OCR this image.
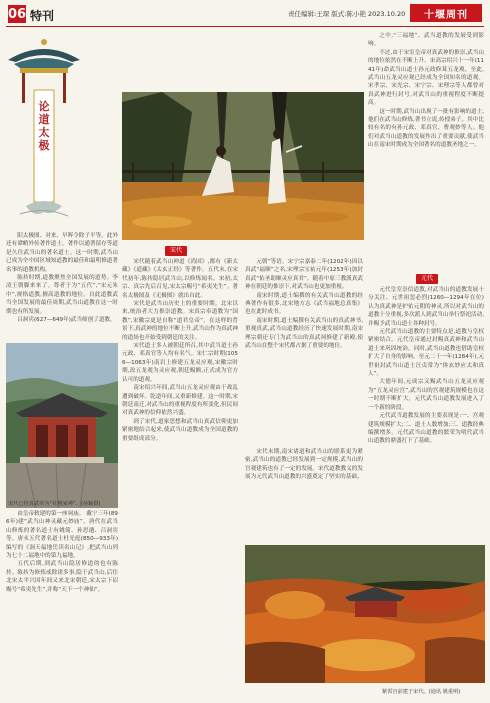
06 特刊	责任编辑:王琛 版式:陈小艳 2023.10.20	十堰周刊
论
道
太
极

阳太极图、对来、早晖令除子平等。此外还有谭峭外传著作道士。著作以通著留存等道是久住武当山的著名道士。这一时期,武当山已成为全中国区域知道教的最佳和最明修道著名事的道教机构。

陈抟时期,道教聚焦全国发展的道势。李凌王朝脚来来了。尊者于为“五代”,“宋元朱中”,规格道教,擅高道教的地位。自此道教武当全国发展的最佳周期,武当山道教在这一时期也有所发展。

吕洞宾(627—649年)武当师创了道教。

宋代已经真武奉为“社稷家神”。(孙颖摄)

由皇帝敕建的第一座祠庙。 戴宁三年(896年)建“武当山神灵藏元妙庙”。唐代在武当山修炼的著名道士有姚简、孙思邈、吕洞宾等。唐末五代著名道士杜光庭(850—933年)编写的《洞天福地岳渎名山记》,把武当山列为七十二福地中的第九福地。

五代后期,到武当山隐居修道的也有陈抟。陈抟为修炼戒除诸多事,隐于武当山,后往北宋太平兴国年间又来北宋朝廷,宋太宗下诏赐号“希夷先生”,并称“天下一个神仙”。

宋代

宋代随着武当山神道《尚国》,都有《新太藏》《道藏》《太玄正经》等著作。五代末,在宋代初年,陈抟隐居武当山,以修炼闻名。宋初,太宗、真宗先后召见,宋太宗赐号“希夷先生”。著名太极图及《无极图》就出自此。

宋代是武当山历史上的重要时期。北宋以来,统治者大力推崇道教。宋真宗奉道教为“国教”,宋徽宗更是自称“道君皇帝”。在这样的背景下,真武神的地位不断上升,武当山作为真武神的道场也开始受到朝廷的关注。

宋代道士多人被朝廷所召,其中武当道士孙元政、邓真官等人均有名气。宋仁宗时期(1056—1063年)南岩上修建五龙灵应观,宋徽宗时期,改五龙观为灵应观,朝廷赐额,正式成为官方认可的道观。

南宋绍兴年间,武当山五龙灵应观由于战乱遭到破坏。乾道年间,又重新修建。这一时期,宋朝廷南迁,对武当山的重视程度有所变化,但民间对真武神的信仰依然兴盛。

到了宋代,道家思想和武当山真武信仰更加紧密地结合起来,使武当山道教成为全国道教的重要组成部分。

元朝”等语。宋宁宗嘉泰二年(1202年)因以真武“福顺”之名,宋理宗宝祐元年(1253年)加封真武“佑圣助顺灵应真君”。随着中原三教派真武神在朝廷的推崇下,对武当山也更加重视。

南宋时期,道士编撰的有关武当山道教的经典著作有很多,北宋地方志《武当福地总真集》也在此时成书。

南宋时期,道士编撰有关武当山的真武神书,重视真武,武当山道教经历了快速发展时期,南宋理宗朝还专门为武当山的真武祠修建了新殿,使武当山在整个宋代都占据了重要的地位。

宋代末期,南宋诸道和武当山的联系更为紧密,武当山的道教已经发展到一定规模,武当山的宫观建筑也有了一定的发展。宋代道教教义的发展为元代武当山道教的兴盛奠定了坚实的基础。

之中,“三福地”。武当道教的发展受到影响。

不过,由于宋室皇帝对真武神的推崇,武当山的地位依然在不断上升。宋高宗绍兴十一年(1141年)命武当山道士孙元政修葺五龙观。至此,武当山五龙灵应观已经成为全国知名的道观。宋孝宗、宋光宗、宋宁宗、宋理宗等人都曾对真武神进行封号,对武当山的重视程度不断提高。

这一时期,武当山出现了一批有影响的道士,他们在武当山修炼,著书立说,传授弟子。其中比较有名的有孙元政、邓真官、曹观妙等人。他们对武当山道教的发展作出了重要贡献,使武当山在南宋时期成为全国著名的道教圣地之一。

元代

元代皇室崇信道教,对武当山的道教发展十分关注。元世祖忽必烈(1260—1294年在位)认为真武神是护佑元朝的神灵,所以对武当山的道教十分重视,多次派人到武当山举行祭祀活动,并赐予武当山道士各种封号。

元代武当山道教的主要特点是,道教与皇权紧密结合。元代皇帝通过封赐真武神和武当山道士来巩固统治。同时,武当山道教也借助皇权扩大了自身的影响。至元二十一年(1284年),元世祖封武当山道士汪贞常为“体玄妙应太和真人”。

大德年间,元成宗又赐武当山五龙灵应观为“五龙灵应宫”,武当山的宫观建筑规模也在这一时期不断扩大。元代武当山道教发展进入了一个新的阶段。

元代武当道教发展的主要表现是:一、宫观建筑规模扩大;二、道士人数增加;三、道教经典编撰增多。元代武当山道教的繁荣为明代武当山道教的鼎盛打下了基础。

紫霄宫前建于宋代。(通讯 姚重明)
